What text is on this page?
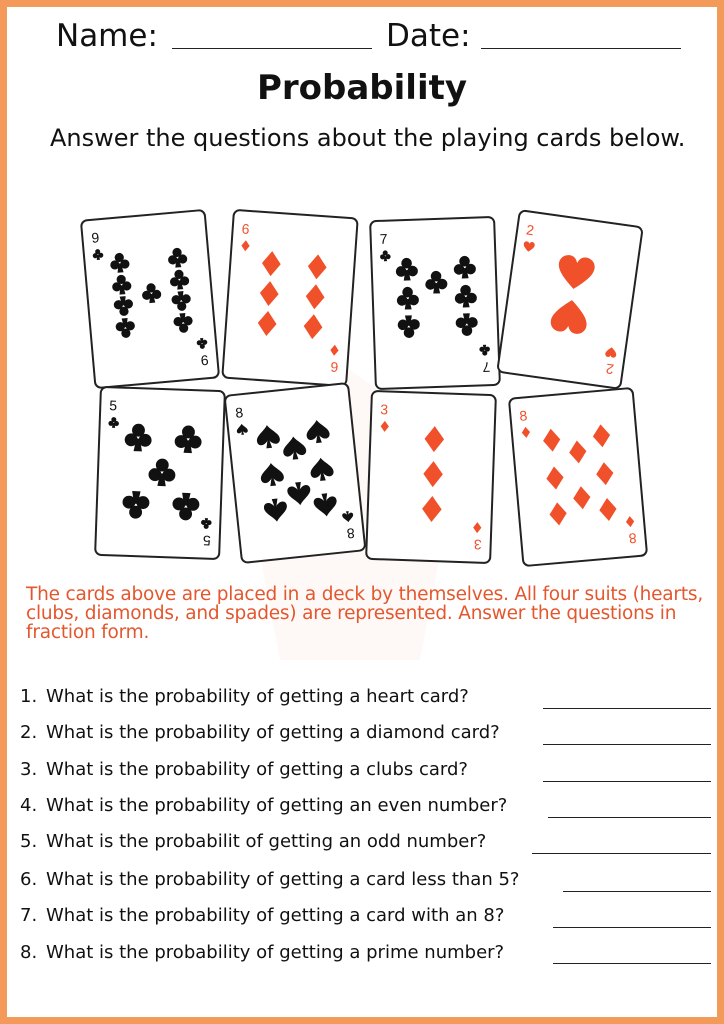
Name:	Date:
Probability
Answer the questions about the playing cards below.
9
9
6
6
7
7
2
2
5
5
8
8
3
3
8
8
The cards above are placed in a deck by themselves. All four suits (hearts, clubs, diamonds, and spades) are represented. Answer the questions in fraction form.
1. What is the probability of getting a heart card?
2. What is the probability of getting a diamond card?
3. What is the probability of getting a clubs card?
4. What is the probability of getting an even number?
5. What is the probabilit of getting an odd number?
6. What is the probability of getting a card less than 5?
7. What is the probability of getting a card with an 8?
8. What is the probability of getting a prime number?
